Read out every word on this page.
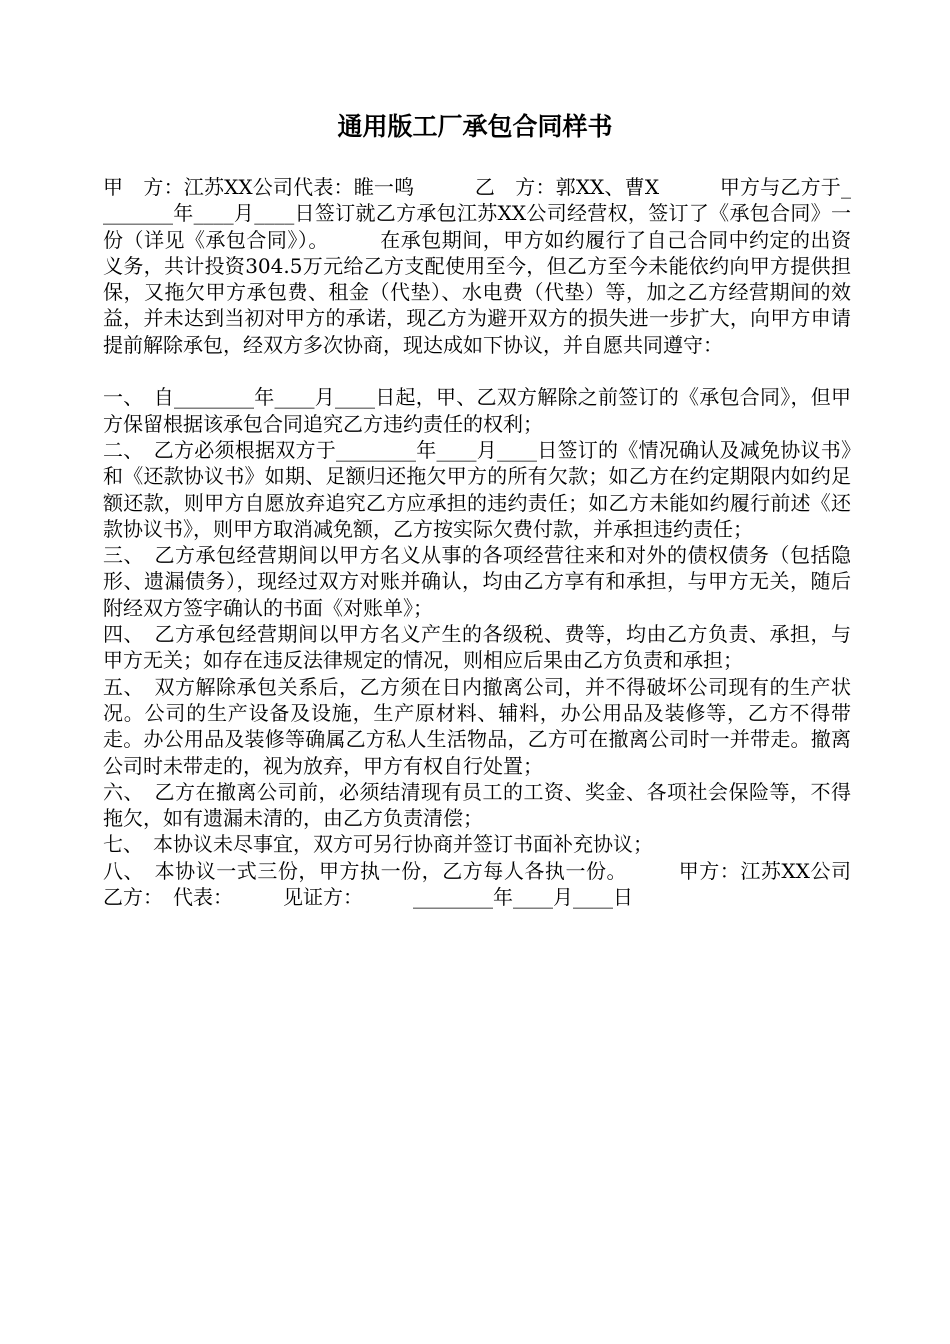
通用版工厂承包合同样书

甲　方：江苏XX公司代表：睢一鸣　　　乙　方：郭XX、曹X　　　甲方与乙方于________年____月____日签订就乙方承包江苏XX公司经营权，签订了《承包合同》一份（详见《承包合同》）。　　　在承包期间，甲方如约履行了自己合同中约定的出资义务，共计投资304.5万元给乙方支配使用至今，但乙方至今未能依约向甲方提供担保，又拖欠甲方承包费、租金（代垫）、水电费（代垫）等，加之乙方经营期间的效益，并未达到当初对甲方的承诺，现乙方为避开双方的损失进一步扩大，向甲方申请提前解除承包，经双方多次协商，现达成如下协议，并自愿共同遵守：

一、　自________年____月____日起，甲、乙双方解除之前签订的《承包合同》，但甲方保留根据该承包合同追究乙方违约责任的权利；

二、　乙方必须根据双方于________年____月____日签订的《情况确认及减免协议书》和《还款协议书》如期、足额归还拖欠甲方的所有欠款；如乙方在约定期限内如约足额还款，则甲方自愿放弃追究乙方应承担的违约责任；如乙方未能如约履行前述《还款协议书》，则甲方取消减免额，乙方按实际欠费付款，并承担违约责任；

三、　乙方承包经营期间以甲方名义从事的各项经营往来和对外的债权债务（包括隐形、遗漏债务），现经过双方对账并确认，均由乙方享有和承担，与甲方无关，随后附经双方签字确认的书面《对账单》；

四、　乙方承包经营期间以甲方名义产生的各级税、费等，均由乙方负责、承担，与甲方无关；如存在违反法律规定的情况，则相应后果由乙方负责和承担；

五、　双方解除承包关系后，乙方须在日内撤离公司，并不得破坏公司现有的生产状况。公司的生产设备及设施，生产原材料、辅料，办公用品及装修等，乙方不得带走。办公用品及装修等确属乙方私人生活物品，乙方可在撤离公司时一并带走。撤离公司时未带走的，视为放弃，甲方有权自行处置；

六、　乙方在撤离公司前，必须结清现有员工的工资、奖金、各项社会保险等，不得拖欠，如有遗漏未清的，由乙方负责清偿；

七、　本协议未尽事宜，双方可另行协商并签订书面补充协议；

八、　本协议一式三份，甲方执一份，乙方每人各执一份。　　　甲方：江苏XX公司　乙方：　代表：　　　见证方：　　　________年____月____日
